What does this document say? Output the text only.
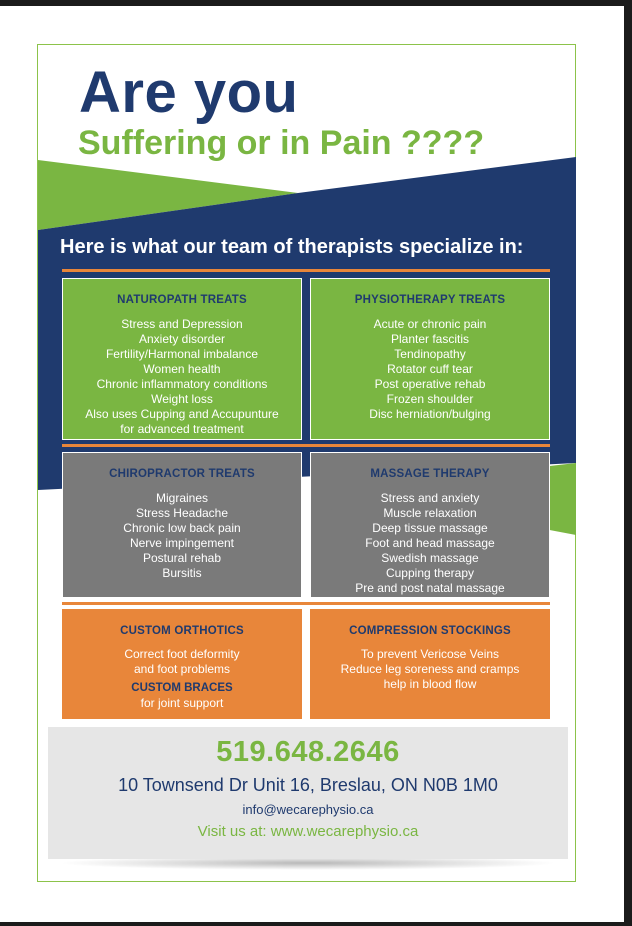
Are you
Suffering or in Pain ????

Here is what our team of therapists specialize in:

NATUROPATH TREATS
Stress and Depression
Anxiety disorder
Fertility/Harmonal imbalance
Women health
Chronic inflammatory conditions
Weight loss
Also uses Cupping and Accupunture
for advanced treatment
PHYSIOTHERAPY TREATS
Acute or chronic pain
Planter fascitis
Tendinopathy
Rotator cuff tear
Post operative rehab
Frozen shoulder
Disc herniation/bulging
CHIROPRACTOR TREATS
Migraines
Stress Headache
Chronic low back pain
Nerve impingement
Postural rehab
Bursitis
MASSAGE THERAPY
Stress and anxiety
Muscle relaxation
Deep tissue massage
Foot and head massage
Swedish massage
Cupping therapy
Pre and post natal massage
CUSTOM ORTHOTICS
Correct foot deformity
and foot problems
CUSTOM BRACES
for joint support
COMPRESSION STOCKINGS
To prevent Vericose Veins
Reduce leg soreness and cramps
help in blood flow
519.648.2646
10 Townsend Dr Unit 16, Breslau, ON N0B 1M0
info@wecarephysio.ca
Visit us at: www.wecarephysio.ca
